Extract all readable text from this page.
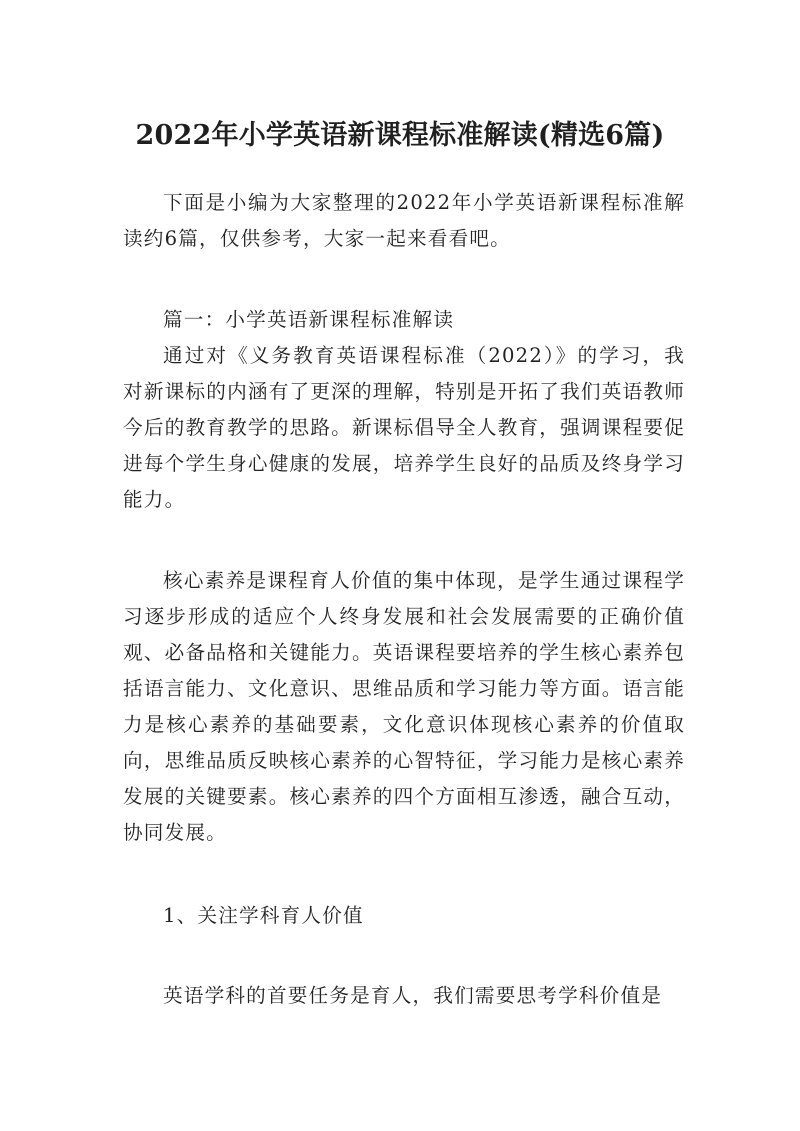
2022年小学英语新课程标准解读(精选6篇)

下面是小编为大家整理的2022年小学英语新课程标准解读约6篇，仅供参考，大家一起来看看吧。

篇一：小学英语新课程标准解读

通过对《义务教育英语课程标准（2022）》的学习，我对新课标的内涵有了更深的理解，特别是开拓了我们英语教师今后的教育教学的思路。新课标倡导全人教育，强调课程要促进每个学生身心健康的发展，培养学生良好的品质及终身学习能力。

核心素养是课程育人价值的集中体现，是学生通过课程学习逐步形成的适应个人终身发展和社会发展需要的正确价值观、必备品格和关键能力。英语课程要培养的学生核心素养包括语言能力、文化意识、思维品质和学习能力等方面。语言能力是核心素养的基础要素，文化意识体现核心素养的价值取向，思维品质反映核心素养的心智特征，学习能力是核心素养发展的关键要素。核心素养的四个方面相互渗透，融合互动，协同发展。

1、关注学科育人价值

英语学科的首要任务是育人，我们需要思考学科价值是
